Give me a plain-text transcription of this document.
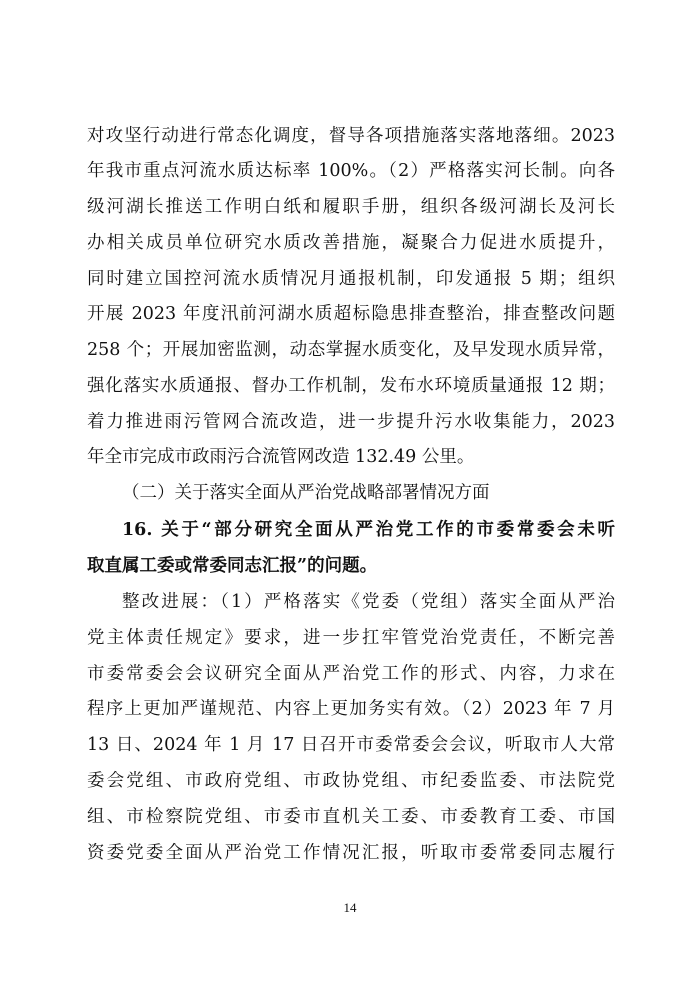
对攻坚行动进行常态化调度，督导各项措施落实落地落细。2023
年我市重点河流水质达标率 100%。（2）严格落实河长制。向各
级河湖长推送工作明白纸和履职手册，组织各级河湖长及河长
办相关成员单位研究水质改善措施，凝聚合力促进水质提升，
同时建立国控河流水质情况月通报机制，印发通报 5 期；组织
开展 2023 年度汛前河湖水质超标隐患排查整治，排查整改问题
258 个；开展加密监测，动态掌握水质变化，及早发现水质异常，
强化落实水质通报、督办工作机制，发布水环境质量通报 12 期；
着力推进雨污管网合流改造，进一步提升污水收集能力，2023
年全市完成市政雨污合流管网改造 132.49 公里。
（二）关于落实全面从严治党战略部署情况方面
16. 关于“部分研究全面从严治党工作的市委常委会未听
取直属工委或常委同志汇报”的问题。
整改进展：（1）严格落实《党委（党组）落实全面从严治
党主体责任规定》要求，进一步扛牢管党治党责任，不断完善
市委常委会会议研究全面从严治党工作的形式、内容，力求在
程序上更加严谨规范、内容上更加务实有效。（2）2023 年 7 月
13 日、2024 年 1 月 17 日召开市委常委会会议，听取市人大常
委会党组、市政府党组、市政协党组、市纪委监委、市法院党
组、市检察院党组、市委市直机关工委、市委教育工委、市国
资委党委全面从严治党工作情况汇报，听取市委常委同志履行
14
